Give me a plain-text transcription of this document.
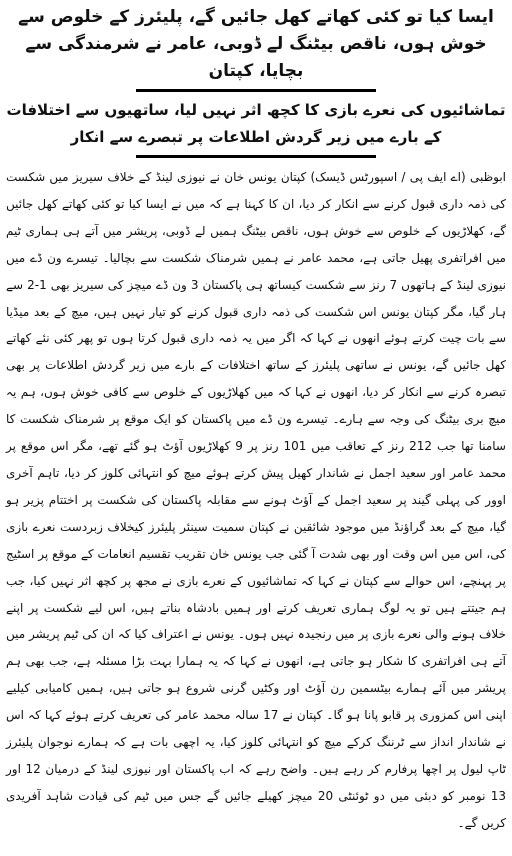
ایسا کیا تو کئی کھاتے کھل جائیں گے، پلیئرز کے خلوص سے خوش ہوں، ناقص بیٹنگ لے ڈوبی، عامر نے شرمندگی سے بچایا، کپتان
تماشائیوں کی نعرے بازی کا کچھ اثر نہیں لیا، ساتھیوں سے اختلافات کے بارے میں زیر گردش اطلاعات پر تبصرے سے انکار

ابوظبی (اے ایف پی / اسپورٹس ڈیسک) کپتان یونس خان نے نیوزی لینڈ کے خلاف سیریز میں شکست کی ذمہ داری قبول کرنے سے انکار کر دیا، ان کا کہنا ہے کہ میں نے ایسا کیا تو کئی کھاتے کھل جائیں گے، کھلاڑیوں کے خلوص سے خوش ہوں، ناقص بیٹنگ ہمیں لے ڈوبی، پریشر میں آتے ہی ہماری ٹیم میں افراتفری پھیل جاتی ہے، محمد عامر نے ہمیں شرمناک شکست سے بچالیا۔ تیسرے ون ڈے میں نیوزی لینڈ کے ہاتھوں 7 رنز سے شکست کیساتھ ہی پاکستان 3 ون ڈے میچز کی سیریز بھی 1-2 سے ہار گیا، مگر کپتان یونس اس شکست کی ذمہ داری قبول کرنے کو تیار نہیں ہیں، میچ کے بعد میڈیا سے بات چیت کرتے ہوئے انھوں نے کہا کہ اگر میں یہ ذمہ داری قبول کرتا ہوں تو پھر کئی نئے کھاتے کھل جائیں گے، یونس نے ساتھی پلیئرز کے ساتھ اختلافات کے بارے میں زیر گردش اطلاعات پر بھی تبصرہ کرنے سے انکار کر دیا، انھوں نے کہا کہ میں کھلاڑیوں کے خلوص سے کافی خوش ہوں، ہم یہ میچ بری بیٹنگ کی وجہ سے ہارے۔ تیسرے ون ڈے میں پاکستان کو ایک موقع پر شرمناک شکست کا سامنا تھا جب 212 رنز کے تعاقب میں 101 رنز پر 9 کھلاڑیوں آؤٹ ہو گئے تھے، مگر اس موقع پر محمد عامر اور سعید اجمل نے شاندار کھیل پیش کرتے ہوئے میچ کو انتہائی کلوز کر دیا، تاہم آخری اوور کی پہلی گیند پر سعید اجمل کے آؤٹ ہونے سے مقابلہ پاکستان کی شکست پر اختتام پزیر ہو گیا، میچ کے بعد گراؤنڈ میں موجود شائقین نے کپتان سمیت سینئر پلیئرز کیخلاف زبردست نعرے بازی کی، اس میں اس وقت اور بھی شدت آ گئی جب یونس خان تقریب تقسیم انعامات کے موقع پر اسٹیج پر پہنچے، اس حوالے سے کپتان نے کہا کہ تماشائیوں کے نعرے بازی نے مجھ پر کچھ اثر نہیں کیا، جب ہم جیتتے ہیں تو یہ لوگ ہماری تعریف کرتے اور ہمیں بادشاہ بناتے ہیں، اس لیے شکست پر اپنے خلاف ہونے والی نعرے بازی پر میں رنجیدہ نہیں ہوں۔ یونس نے اعتراف کیا کہ ان کی ٹیم پریشر میں آتے ہی افراتفری کا شکار ہو جاتی ہے، انھوں نے کہا کہ یہ ہمارا بہت بڑا مسئلہ ہے، جب بھی ہم پریشر میں آئے ہمارے بیٹسمین رن آؤٹ اور وکٹیں گرنی شروع ہو جاتی ہیں، ہمیں کامیابی کیلیے اپنی اس کمزوری پر قابو پانا ہو گا۔ کپتان نے 17 سالہ محمد عامر کی تعریف کرتے ہوئے کہا کہ اس نے شاندار انداز سے ٹرننگ کرکے میچ کو انتہائی کلوز کیا، یہ اچھی بات ہے کہ ہمارے نوجوان پلیئرز ٹاپ لیول پر اچھا پرفارم کر رہے ہیں۔ واضح رہے کہ اب پاکستان اور نیوزی لینڈ کے درمیان 12 اور 13 نومبر کو دبئی میں دو ٹوئنٹی 20 میچز کھیلے جائیں گے جس میں ٹیم کی قیادت شاہد آفریدی کریں گے۔
